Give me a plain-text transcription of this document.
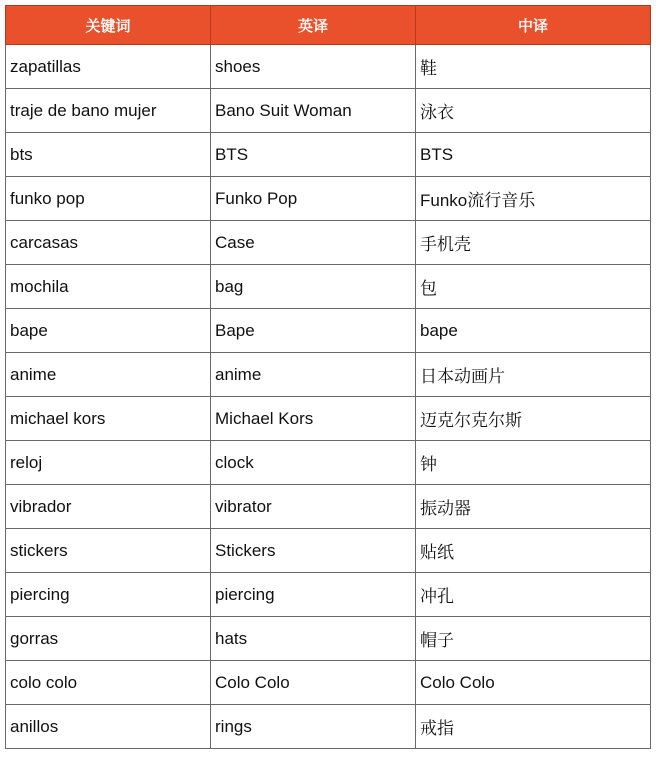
关键词	英译	中译
zapatillas	shoes	鞋
traje de bano mujer	Bano Suit Woman	泳衣
bts	BTS	BTS
funko pop	Funko Pop	Funko流行音乐
carcasas	Case	手机壳
mochila	bag	包
bape	Bape	bape
anime	anime	日本动画片
michael kors	Michael Kors	迈克尔克尔斯
reloj	clock	钟
vibrador	vibrator	振动器
stickers	Stickers	贴纸
piercing	piercing	冲孔
gorras	hats	帽子
colo colo	Colo Colo	Colo Colo
anillos	rings	戒指
